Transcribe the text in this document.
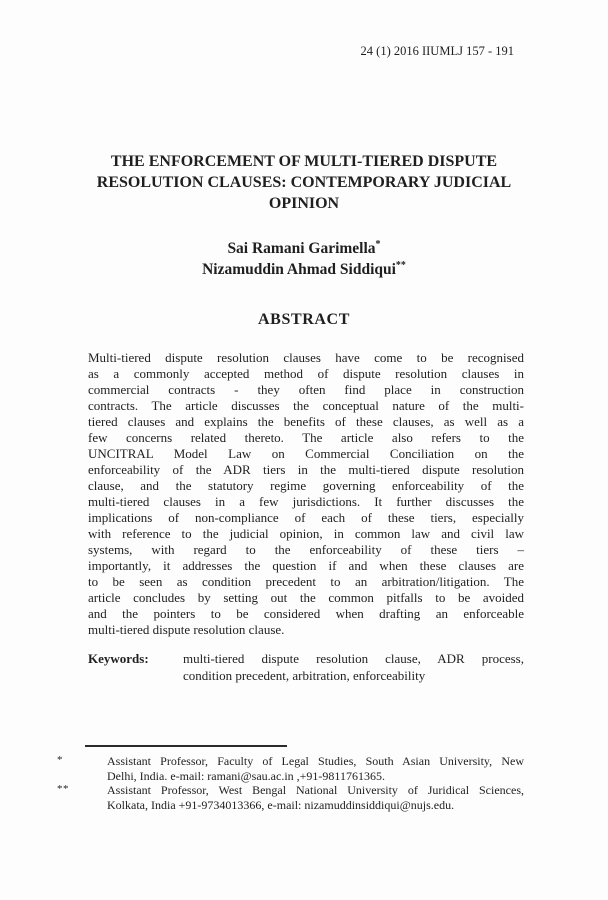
24 (1) 2016 IIUMLJ 157 - 191
THE ENFORCEMENT OF MULTI-TIERED DISPUTE
RESOLUTION CLAUSES: CONTEMPORARY JUDICIAL
OPINION
Sai Ramani Garimella*
Nizamuddin Ahmad Siddiqui**
ABSTRACT
Multi-tiered dispute resolution clauses have come to be recognised
as a commonly accepted method of dispute resolution clauses in
commercial contracts - they often find place in construction
contracts. The article discusses the conceptual nature of the multi-
tiered clauses and explains the benefits of these clauses, as well as a
few concerns related thereto. The article also refers to the
UNCITRAL Model Law on Commercial Conciliation on the
enforceability of the ADR tiers in the multi-tiered dispute resolution
clause, and the statutory regime governing enforceability of the
multi-tiered clauses in a few jurisdictions. It further discusses the
implications of non-compliance of each of these tiers, especially
with reference to the judicial opinion, in common law and civil law
systems, with regard to the enforceability of these tiers –
importantly, it addresses the question if and when these clauses are
to be seen as condition precedent to an arbitration/litigation. The
article concludes by setting out the common pitfalls to be avoided
and the pointers to be considered when drafting an enforceable
multi-tiered dispute resolution clause.
Keywords:	multi-tiered dispute resolution clause, ADR process,
condition precedent, arbitration, enforceability
*	Assistant Professor, Faculty of Legal Studies, South Asian University, New
Delhi, India. e-mail: ramani@sau.ac.in ,+91-9811761365.
**	Assistant Professor, West Bengal National University of Juridical Sciences,
Kolkata, India +91-9734013366, e-mail: nizamuddinsiddiqui@nujs.edu.
